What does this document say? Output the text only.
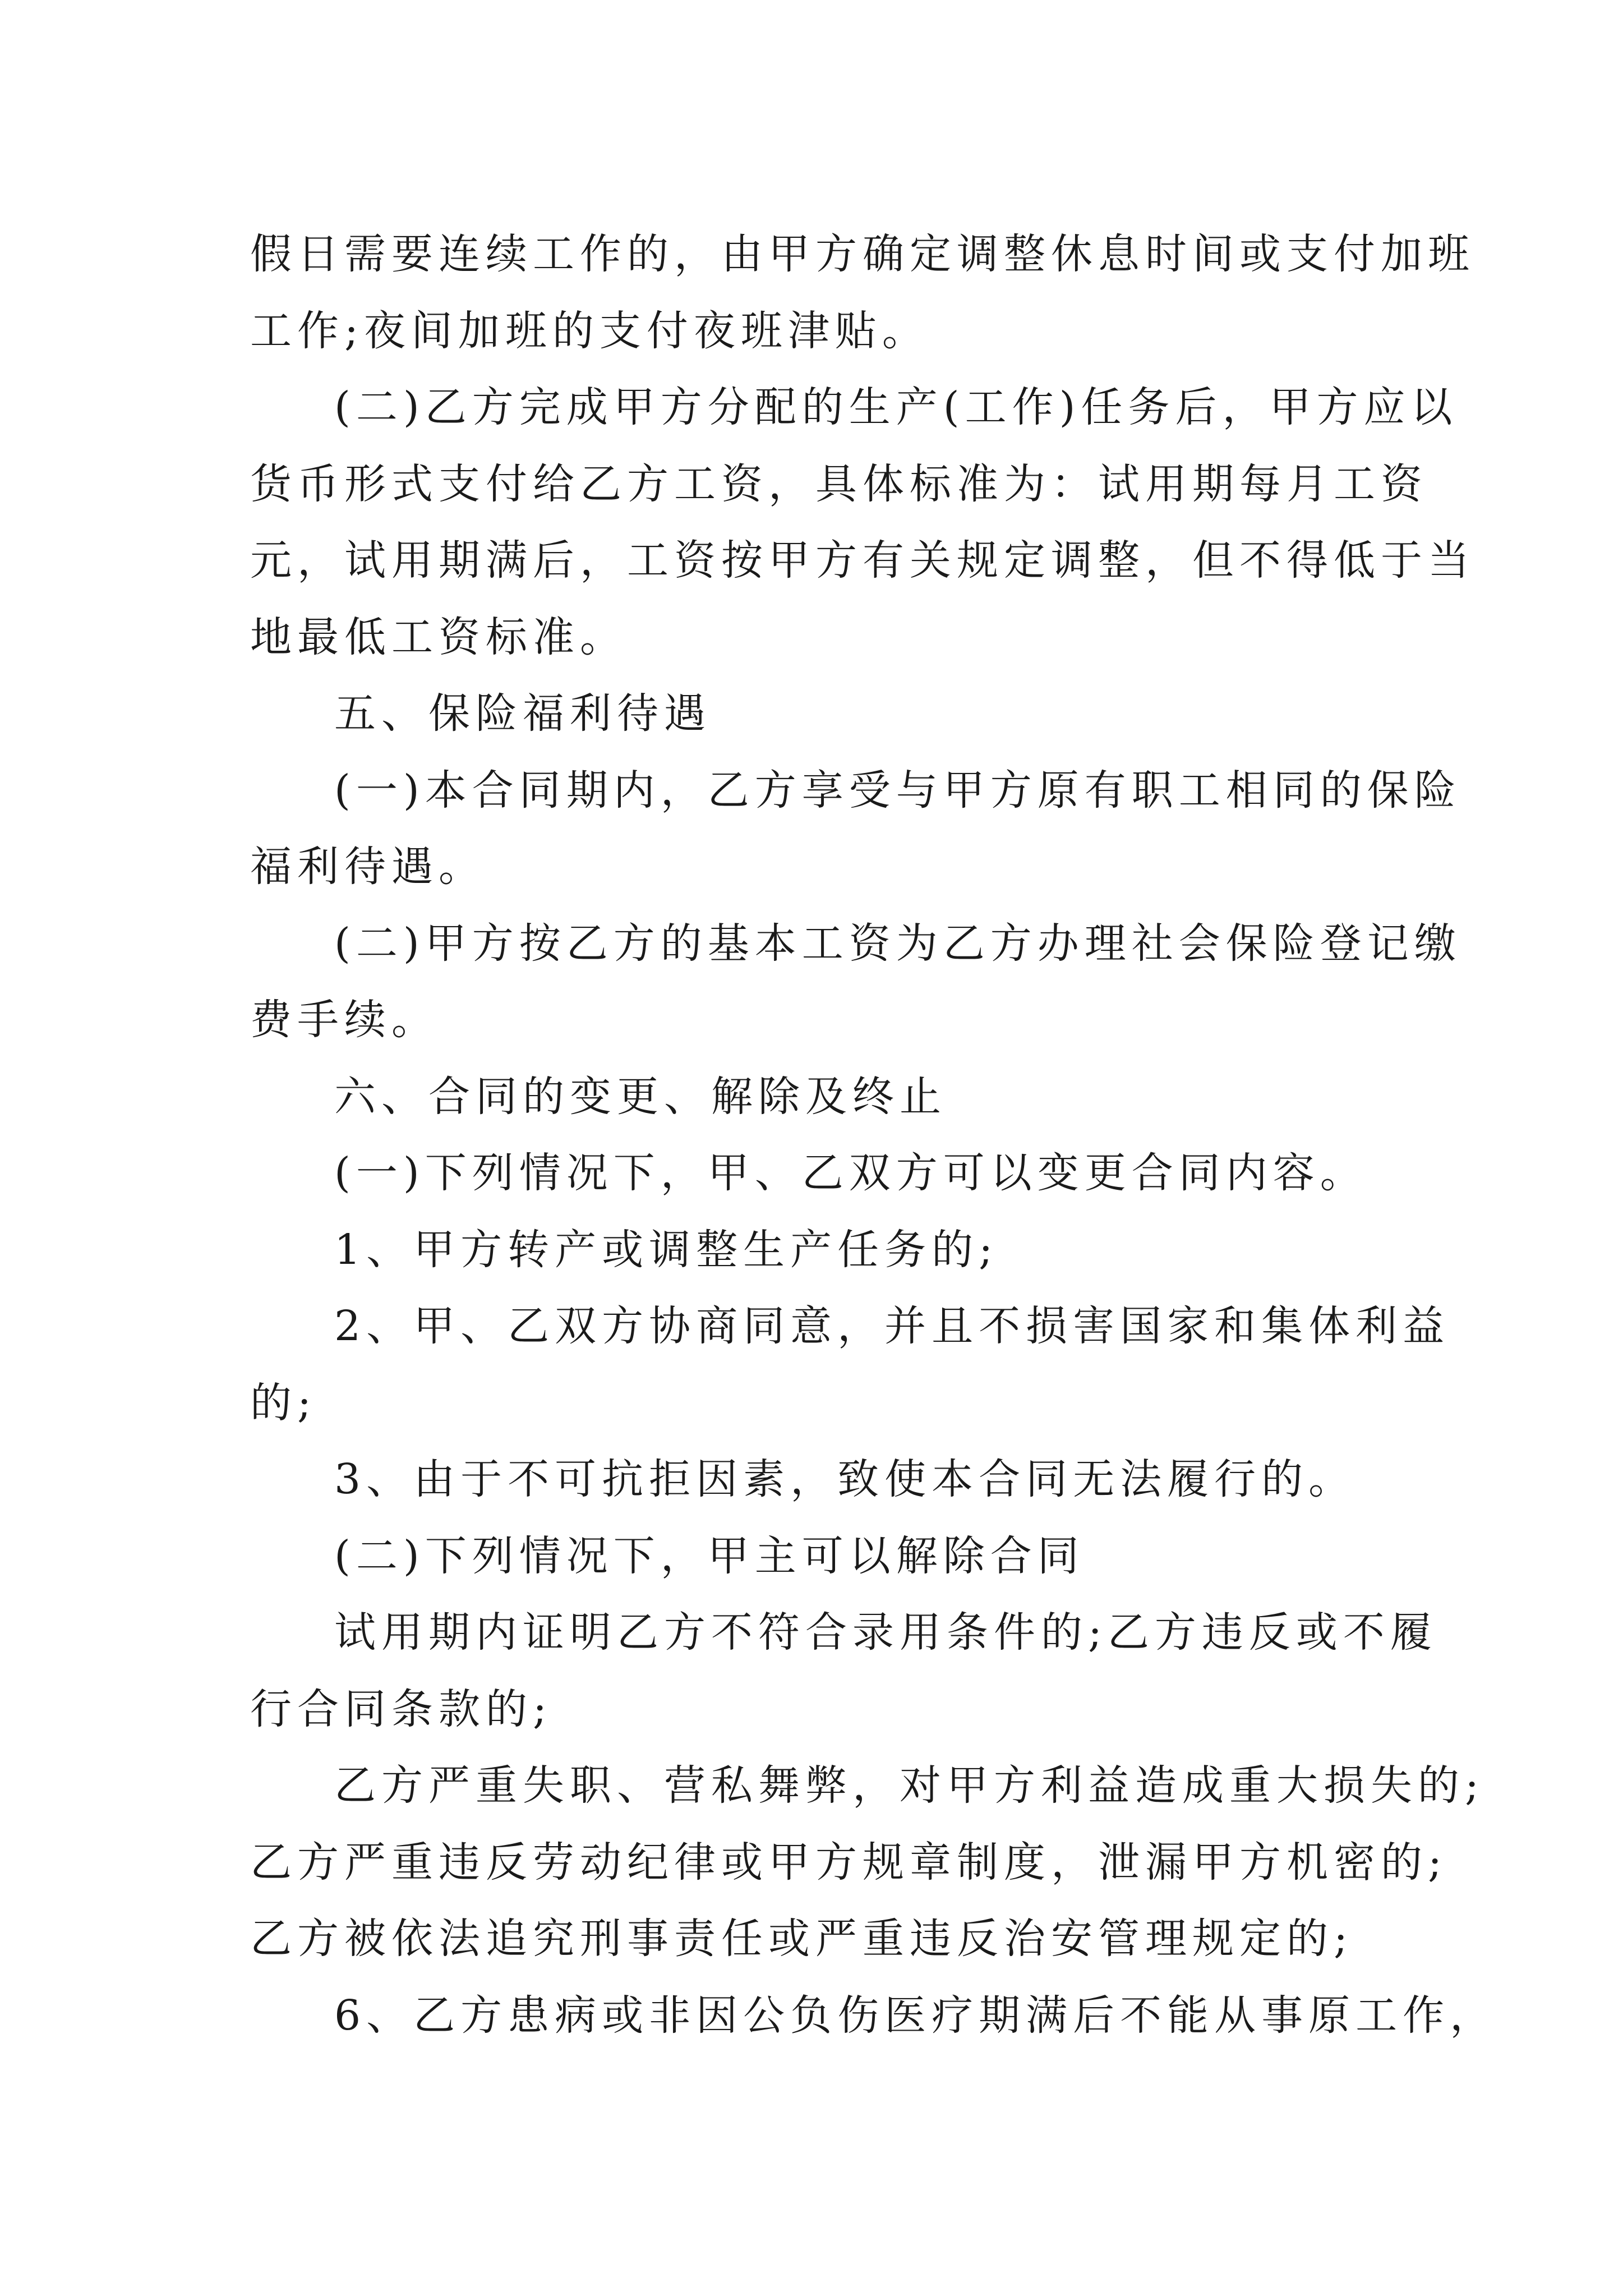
假日需要连续工作的，由甲方确定调整休息时间或支付加班
工作;夜间加班的支付夜班津贴。
(二)乙方完成甲方分配的生产(工作)任务后，甲方应以
货币形式支付给乙方工资，具体标准为：试用期每月工资
元，试用期满后，工资按甲方有关规定调整，但不得低于当
地最低工资标准。
五、保险福利待遇
(一)本合同期内，乙方享受与甲方原有职工相同的保险
福利待遇。
(二)甲方按乙方的基本工资为乙方办理社会保险登记缴
费手续。
六、合同的变更、解除及终止
(一)下列情况下，甲、乙双方可以变更合同内容。
1、甲方转产或调整生产任务的;
2、甲、乙双方协商同意，并且不损害国家和集体利益
的;
3、由于不可抗拒因素，致使本合同无法履行的。
(二)下列情况下，甲主可以解除合同
试用期内证明乙方不符合录用条件的;乙方违反或不履
行合同条款的;
乙方严重失职、营私舞弊，对甲方利益造成重大损失的;
乙方严重违反劳动纪律或甲方规章制度，泄漏甲方机密的;
乙方被依法追究刑事责任或严重违反治安管理规定的;
6、乙方患病或非因公负伤医疗期满后不能从事原工作，
